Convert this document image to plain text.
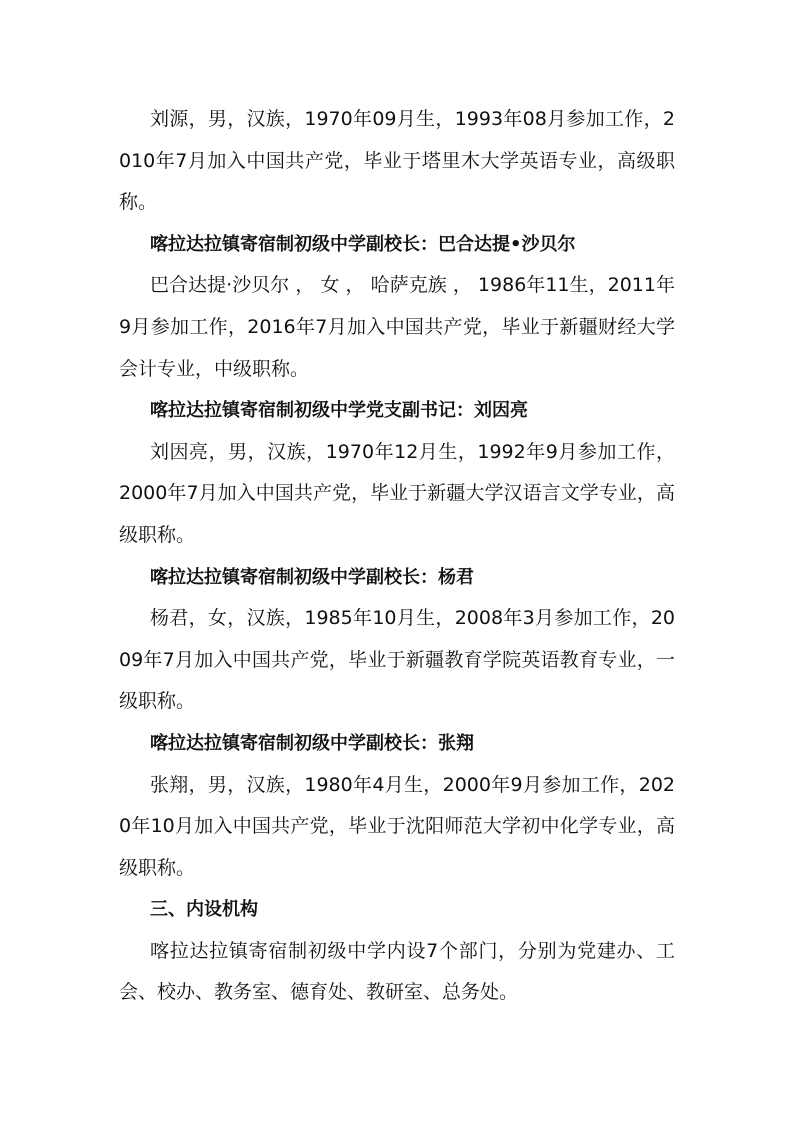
刘源，男，汉族，1970年09月生，1993年08月参加工作，2010年7月加入中国共产党，毕业于塔里木大学英语专业，高级职称。

喀拉达拉镇寄宿制初级中学副校长：巴合达提•沙贝尔

巴合达提·沙贝尔 ， 女 ， 哈萨克族 ， 1986年11生，2011年9月参加工作，2016年7月加入中国共产党，毕业于新疆财经大学会计专业，中级职称。

喀拉达拉镇寄宿制初级中学党支副书记：刘因亮

刘因亮，男，汉族，1970年12月生，1992年9月参加工作，2000年7月加入中国共产党，毕业于新疆大学汉语言文学专业，高级职称。

喀拉达拉镇寄宿制初级中学副校长：杨君

杨君，女，汉族，1985年10月生，2008年3月参加工作，2009年7月加入中国共产党，毕业于新疆教育学院英语教育专业，一级职称。

喀拉达拉镇寄宿制初级中学副校长：张翔

张翔，男，汉族，1980年4月生，2000年9月参加工作，2020年10月加入中国共产党，毕业于沈阳师范大学初中化学专业，高级职称。

三、内设机构

喀拉达拉镇寄宿制初级中学内设7个部门，分别为党建办、工会、校办、教务室、德育处、教研室、总务处。
